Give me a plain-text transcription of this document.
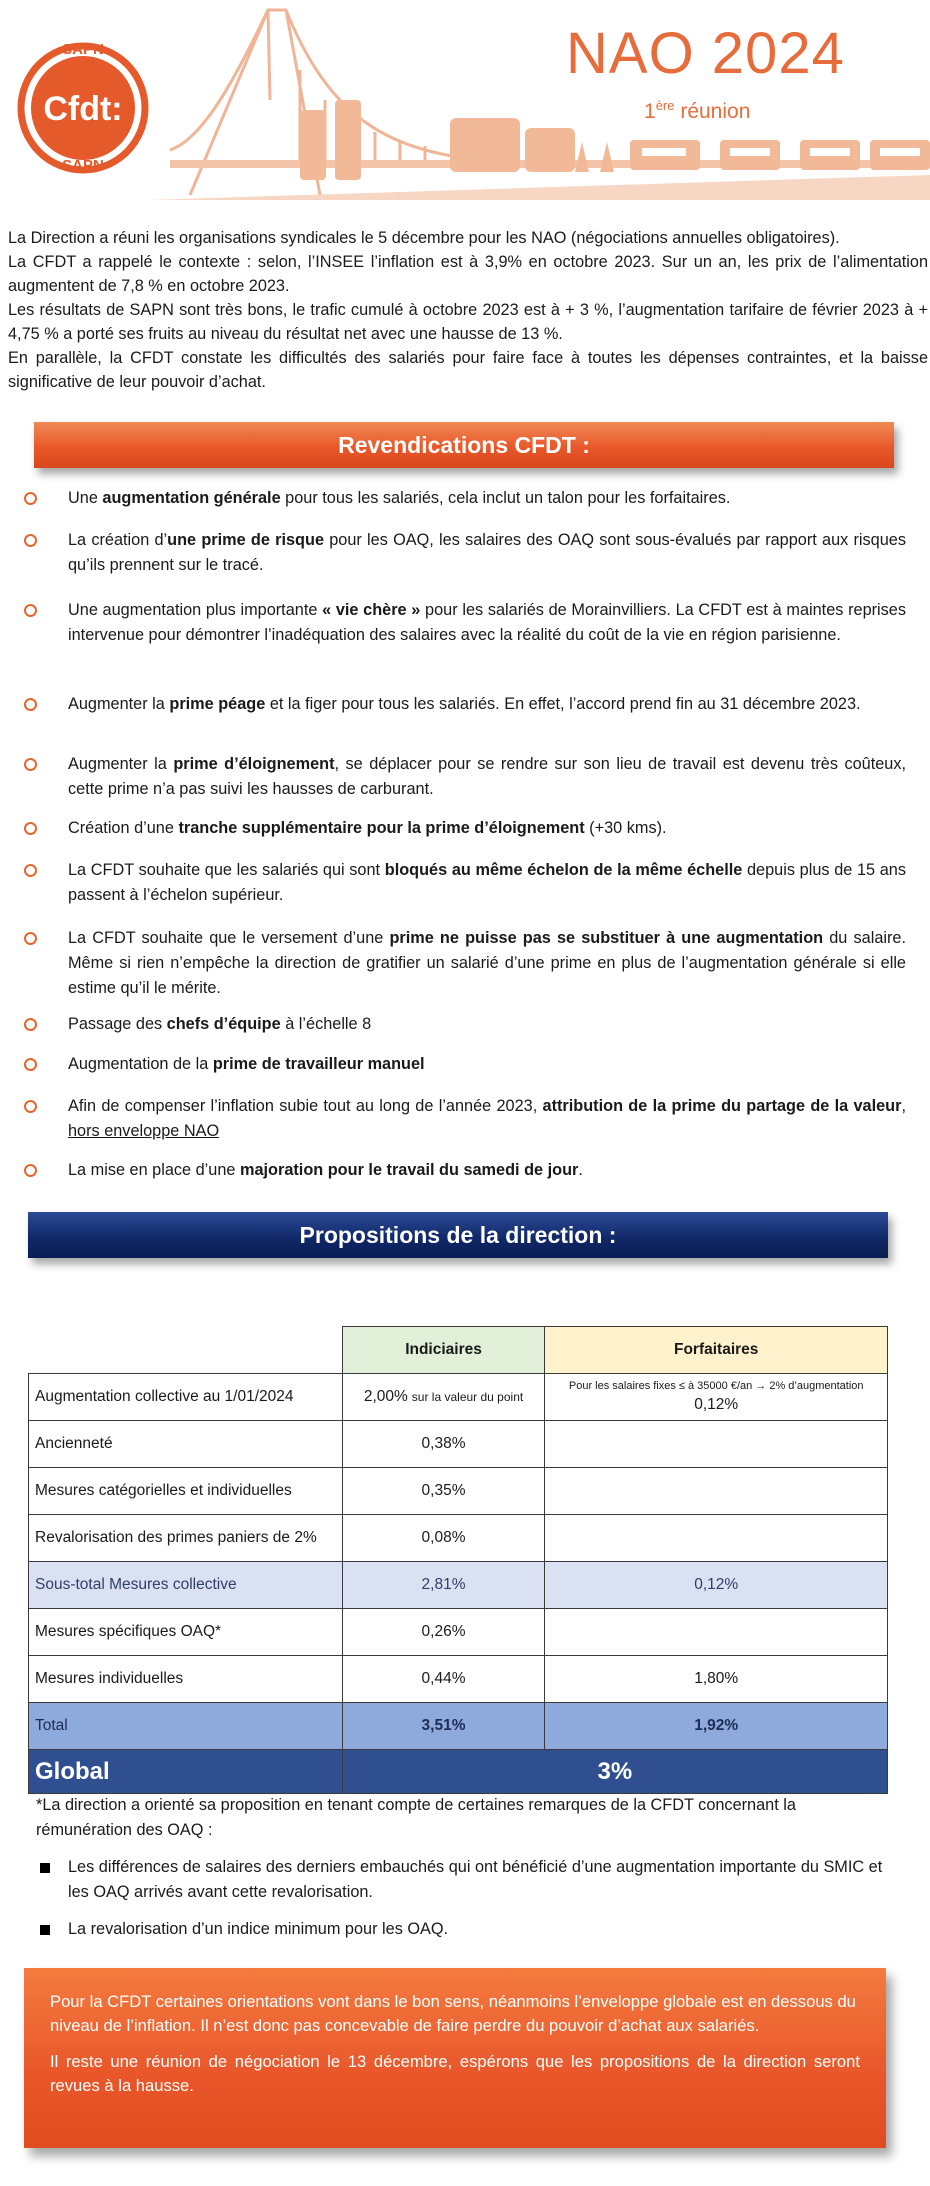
SAPN
Cfdt:
SAPN
NAO 2024
1ère réunion

La Direction a réuni les organisations syndicales le 5 décembre pour les NAO (négociations annuelles obligatoires).

La CFDT a rappelé le contexte : selon, l’INSEE l’inflation est à 3,9% en octobre 2023. Sur un an, les prix de l’alimentation augmentent de 7,8 % en octobre 2023.

Les résultats de SAPN sont très bons, le trafic cumulé à octobre 2023 est à + 3 %, l’augmentation tarifaire de février 2023 à + 4,75 % a porté ses fruits au niveau du résultat net avec une hausse de 13 %.

En parallèle, la CFDT constate les difficultés des salariés pour faire face à toutes les dépenses contraintes, et la baisse significative de leur pouvoir d’achat.

Revendications CFDT :
Une augmentation générale pour tous les salariés, cela inclut un talon pour les forfaitaires.
La création d’une prime de risque pour les OAQ, les salaires des OAQ sont sous-évalués par rapport aux risques qu’ils prennent sur le tracé.
Une augmentation plus importante « vie chère » pour les salariés de Morainvilliers. La CFDT est à maintes reprises intervenue pour démontrer l’inadéquation des salaires avec la réalité du coût de la vie en région parisienne.
Augmenter la prime péage et la figer pour tous les salariés. En effet, l’accord prend fin au 31 décembre 2023.
Augmenter la prime d’éloignement, se déplacer pour se rendre sur son lieu de travail est devenu très coûteux, cette prime n’a pas suivi les hausses de carburant.
Création d’une tranche supplémentaire pour la prime d’éloignement (+30 kms).
La CFDT souhaite que les salariés qui sont bloqués au même échelon de la même échelle depuis plus de 15 ans passent à l’échelon supérieur.
La CFDT souhaite que le versement d’une prime ne puisse pas se substituer à une augmentation du salaire. Même si rien n’empêche la direction de gratifier un salarié d’une prime en plus de l’augmentation générale si elle estime qu’il le mérite.
Passage des chefs d’équipe à l’échelle 8
Augmentation de la prime de travailleur manuel
Afin de compenser l’inflation subie tout au long de l’année 2023, attribution de la prime du partage de la valeur, hors enveloppe NAO
La mise en place d’une majoration pour le travail du samedi de jour.
Propositions de la direction :
	Indiciaires	Forfaitaires
Augmentation collective au 1/01/2024	2,00% sur la valeur du point	Pour les salaires fixes ≤ à 35000 €/an → 2% d’augmentation
0,12%
Ancienneté	0,38%	
Mesures catégorielles et individuelles	0,35%	
Revalorisation des primes paniers de 2%	0,08%	
Sous-total Mesures collective	2,81%	0,12%
Mesures spécifiques OAQ*	0,26%	
Mesures individuelles	0,44%	1,80%
Total	3,51%	1,92%
Global	3%	
*La direction a orienté sa proposition en tenant compte de certaines remarques de la CFDT concernant la rémunération des OAQ :
Les différences de salaires des derniers embauchés qui ont bénéficié d’une augmentation importante du SMIC et les OAQ arrivés avant cette revalorisation.
La revalorisation d’un indice minimum pour les OAQ.

Pour la CFDT certaines orientations vont dans le bon sens, néanmoins l’enveloppe globale est en dessous du niveau de l’inflation. Il n’est donc pas concevable de faire perdre du pouvoir d’achat aux salariés.

Il reste une réunion de négociation le 13 décembre, espérons que les propositions de la direction seront revues à la hausse.
